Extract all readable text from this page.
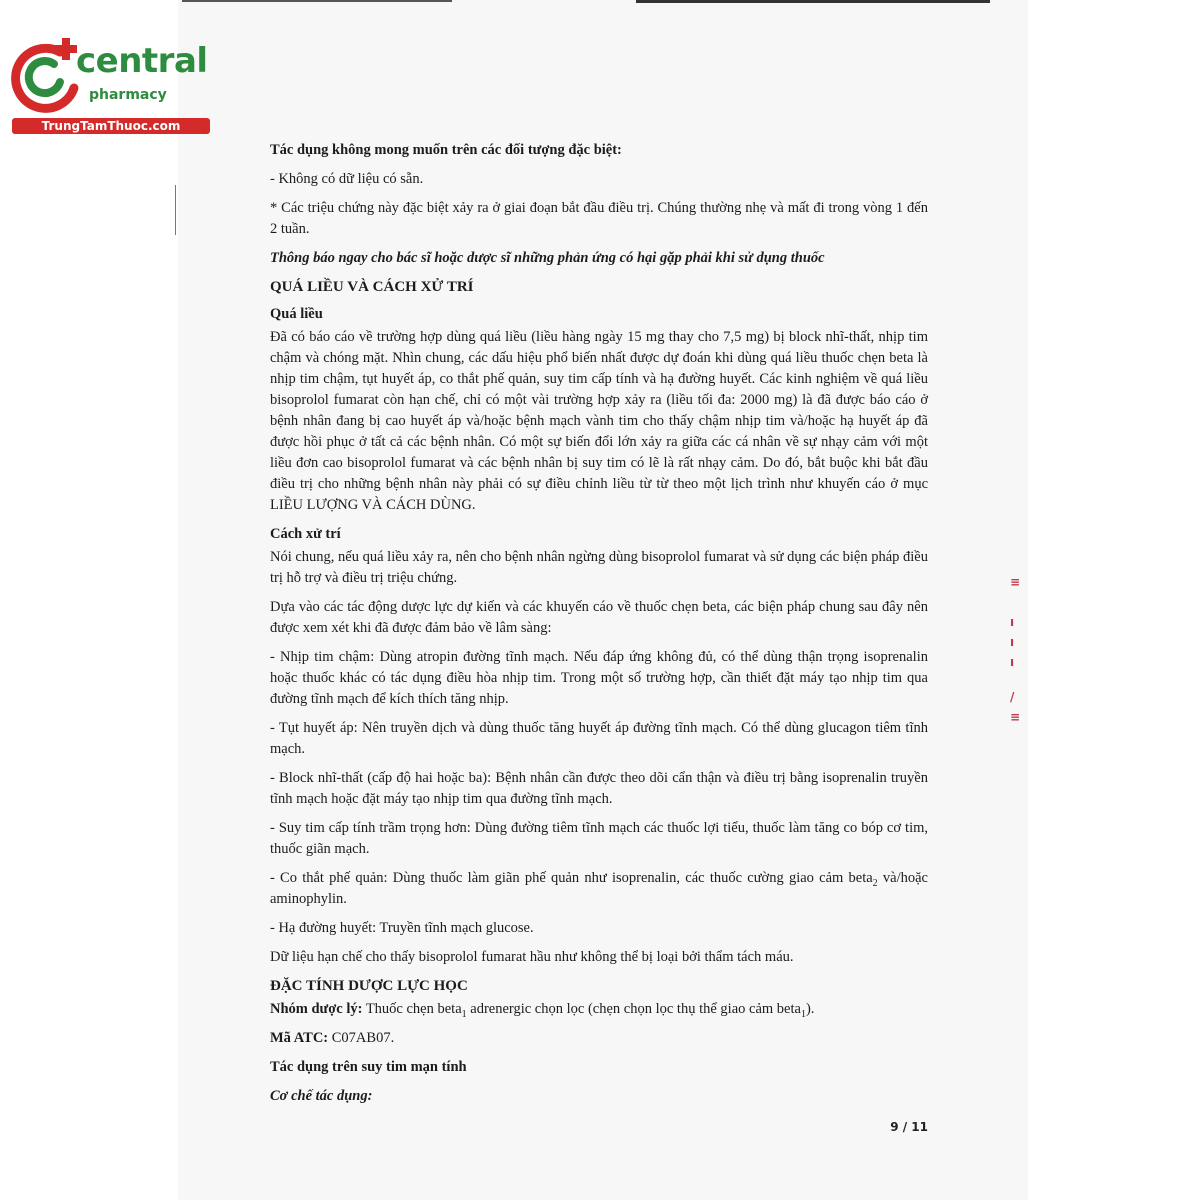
central
pharmacy
TrungTamThuoc.com

Tác dụng không mong muốn trên các đối tượng đặc biệt:

- Không có dữ liệu có sẵn.

* Các triệu chứng này đặc biệt xảy ra ở giai đoạn bắt đầu điều trị. Chúng thường nhẹ và mất đi trong vòng 1 đến 2 tuần.

Thông báo ngay cho bác sĩ hoặc dược sĩ những phản ứng có hại gặp phải khi sử dụng thuốc

QUÁ LIỀU VÀ CÁCH XỬ TRÍ

Quá liều

Đã có báo cáo về trường hợp dùng quá liều (liều hàng ngày 15 mg thay cho 7,5 mg) bị block nhĩ-thất, nhịp tim chậm và chóng mặt. Nhìn chung, các dấu hiệu phổ biến nhất được dự đoán khi dùng quá liều thuốc chẹn beta là nhịp tim chậm, tụt huyết áp, co thắt phế quản, suy tim cấp tính và hạ đường huyết. Các kinh nghiệm về quá liều bisoprolol fumarat còn hạn chế, chỉ có một vài trường hợp xảy ra (liều tối đa: 2000 mg) là đã được báo cáo ở bệnh nhân đang bị cao huyết áp và/hoặc bệnh mạch vành tim cho thấy chậm nhịp tim và/hoặc hạ huyết áp đã được hồi phục ở tất cả các bệnh nhân. Có một sự biến đổi lớn xảy ra giữa các cá nhân về sự nhạy cảm với một liều đơn cao bisoprolol fumarat và các bệnh nhân bị suy tim có lẽ là rất nhạy cảm. Do đó, bắt buộc khi bắt đầu điều trị cho những bệnh nhân này phải có sự điều chỉnh liều từ từ theo một lịch trình như khuyến cáo ở mục LIỀU LƯỢNG VÀ CÁCH DÙNG.

Cách xử trí

Nói chung, nếu quá liều xảy ra, nên cho bệnh nhân ngừng dùng bisoprolol fumarat và sử dụng các biện pháp điều trị hỗ trợ và điều trị triệu chứng.

Dựa vào các tác động dược lực dự kiến và các khuyến cáo về thuốc chẹn beta, các biện pháp chung sau đây nên được xem xét khi đã được đảm bảo về lâm sàng:

- Nhịp tim chậm: Dùng atropin đường tĩnh mạch. Nếu đáp ứng không đủ, có thể dùng thận trọng isoprenalin hoặc thuốc khác có tác dụng điều hòa nhịp tim. Trong một số trường hợp, cần thiết đặt máy tạo nhịp tim qua đường tĩnh mạch để kích thích tăng nhịp.

- Tụt huyết áp: Nên truyền dịch và dùng thuốc tăng huyết áp đường tĩnh mạch. Có thể dùng glucagon tiêm tĩnh mạch.

- Block nhĩ-thất (cấp độ hai hoặc ba): Bệnh nhân cần được theo dõi cẩn thận và điều trị bằng isoprenalin truyền tĩnh mạch hoặc đặt máy tạo nhịp tim qua đường tĩnh mạch.

- Suy tim cấp tính trầm trọng hơn: Dùng đường tiêm tĩnh mạch các thuốc lợi tiểu, thuốc làm tăng co bóp cơ tim, thuốc giãn mạch.

- Co thắt phế quản: Dùng thuốc làm giãn phế quản như isoprenalin, các thuốc cường giao cảm beta$_2$ và/hoặc aminophylin.

- Hạ đường huyết: Truyền tĩnh mạch glucose.

Dữ liệu hạn chế cho thấy bisoprolol fumarat hầu như không thể bị loại bởi thẩm tách máu.

ĐẶC TÍNH DƯỢC LỰC HỌC

Nhóm dược lý: Thuốc chẹn beta$_1$ adrenergic chọn lọc (chẹn chọn lọc thụ thể giao cảm beta$_1$).

Mã ATC: C07AB07.

Tác dụng trên suy tim mạn tính

Cơ chế tác dụng:

9 / 11
≡
ı
ı
ı
/
≡
